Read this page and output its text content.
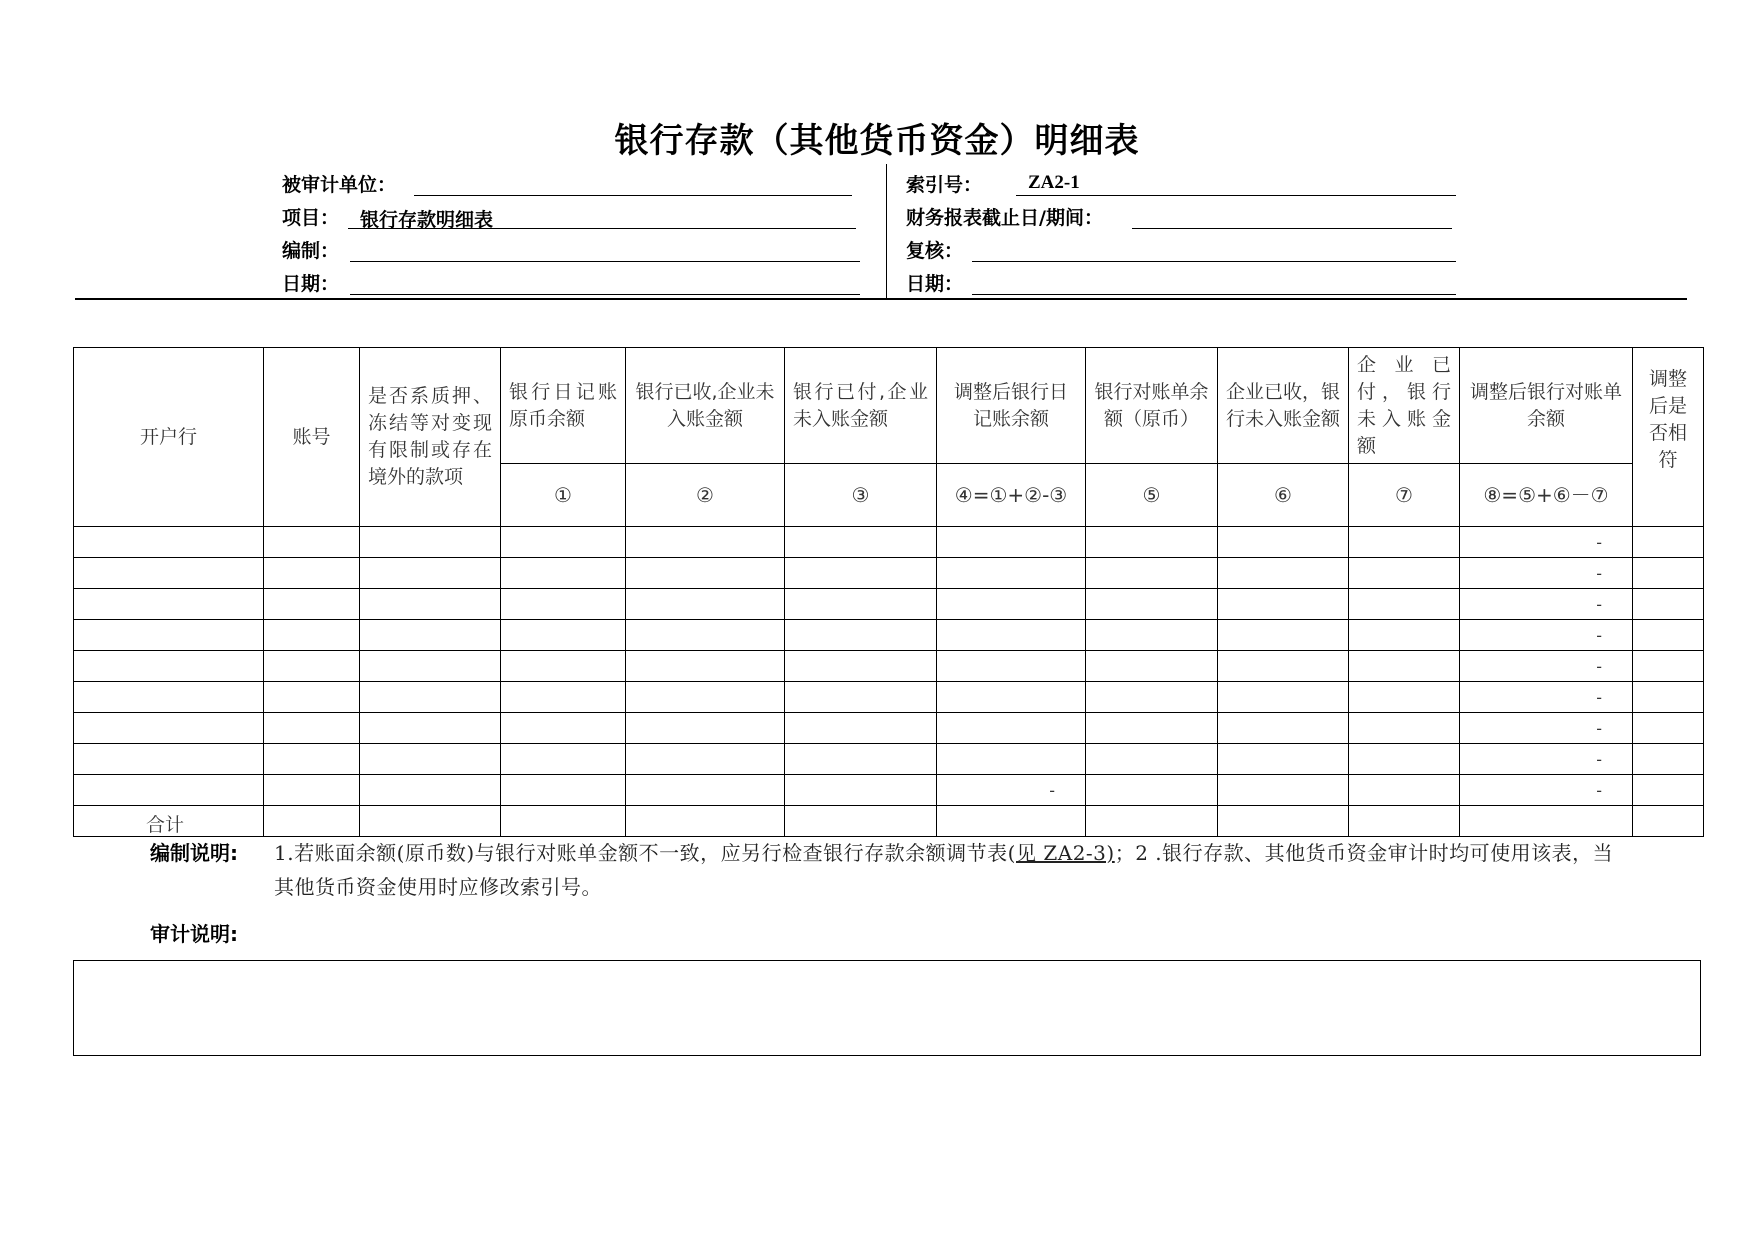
银行存款（其他货币资金）明细表
被审计单位：
项目： 银行存款明细表
编制：
日期：
索引号： ZA2-1
财务报表截止日/期间：
复核：
日期：
开户行	账号	是否系质押、冻结等对变现有限制或存在境外的款项	银行日记账原币余额	银行已收,企业未入账金额	银行已付,企业未入账金额	调整后银行日记账余额	银行对账单余额（原币）	企业已收，银行未入账金额	企业已付，银行未入账金额	调整后银行对账单余额	调整后是否相符
			①	②	③	④=①+②-③	⑤	⑥	⑦	⑧=⑤+⑥－⑦	
										-	
										-	
										-	
										-	
										-	
										-	
										-	
										-	
						-				-	
合计											
编制说明: 1.若账面余额(原币数)与银行对账单金额不一致，应另行检查银行存款余额调节表(见 ZA2-3)；2 .银行存款、其他货币资金审计时均可使用该表，当其他货币资金使用时应修改索引号。
审计说明:
